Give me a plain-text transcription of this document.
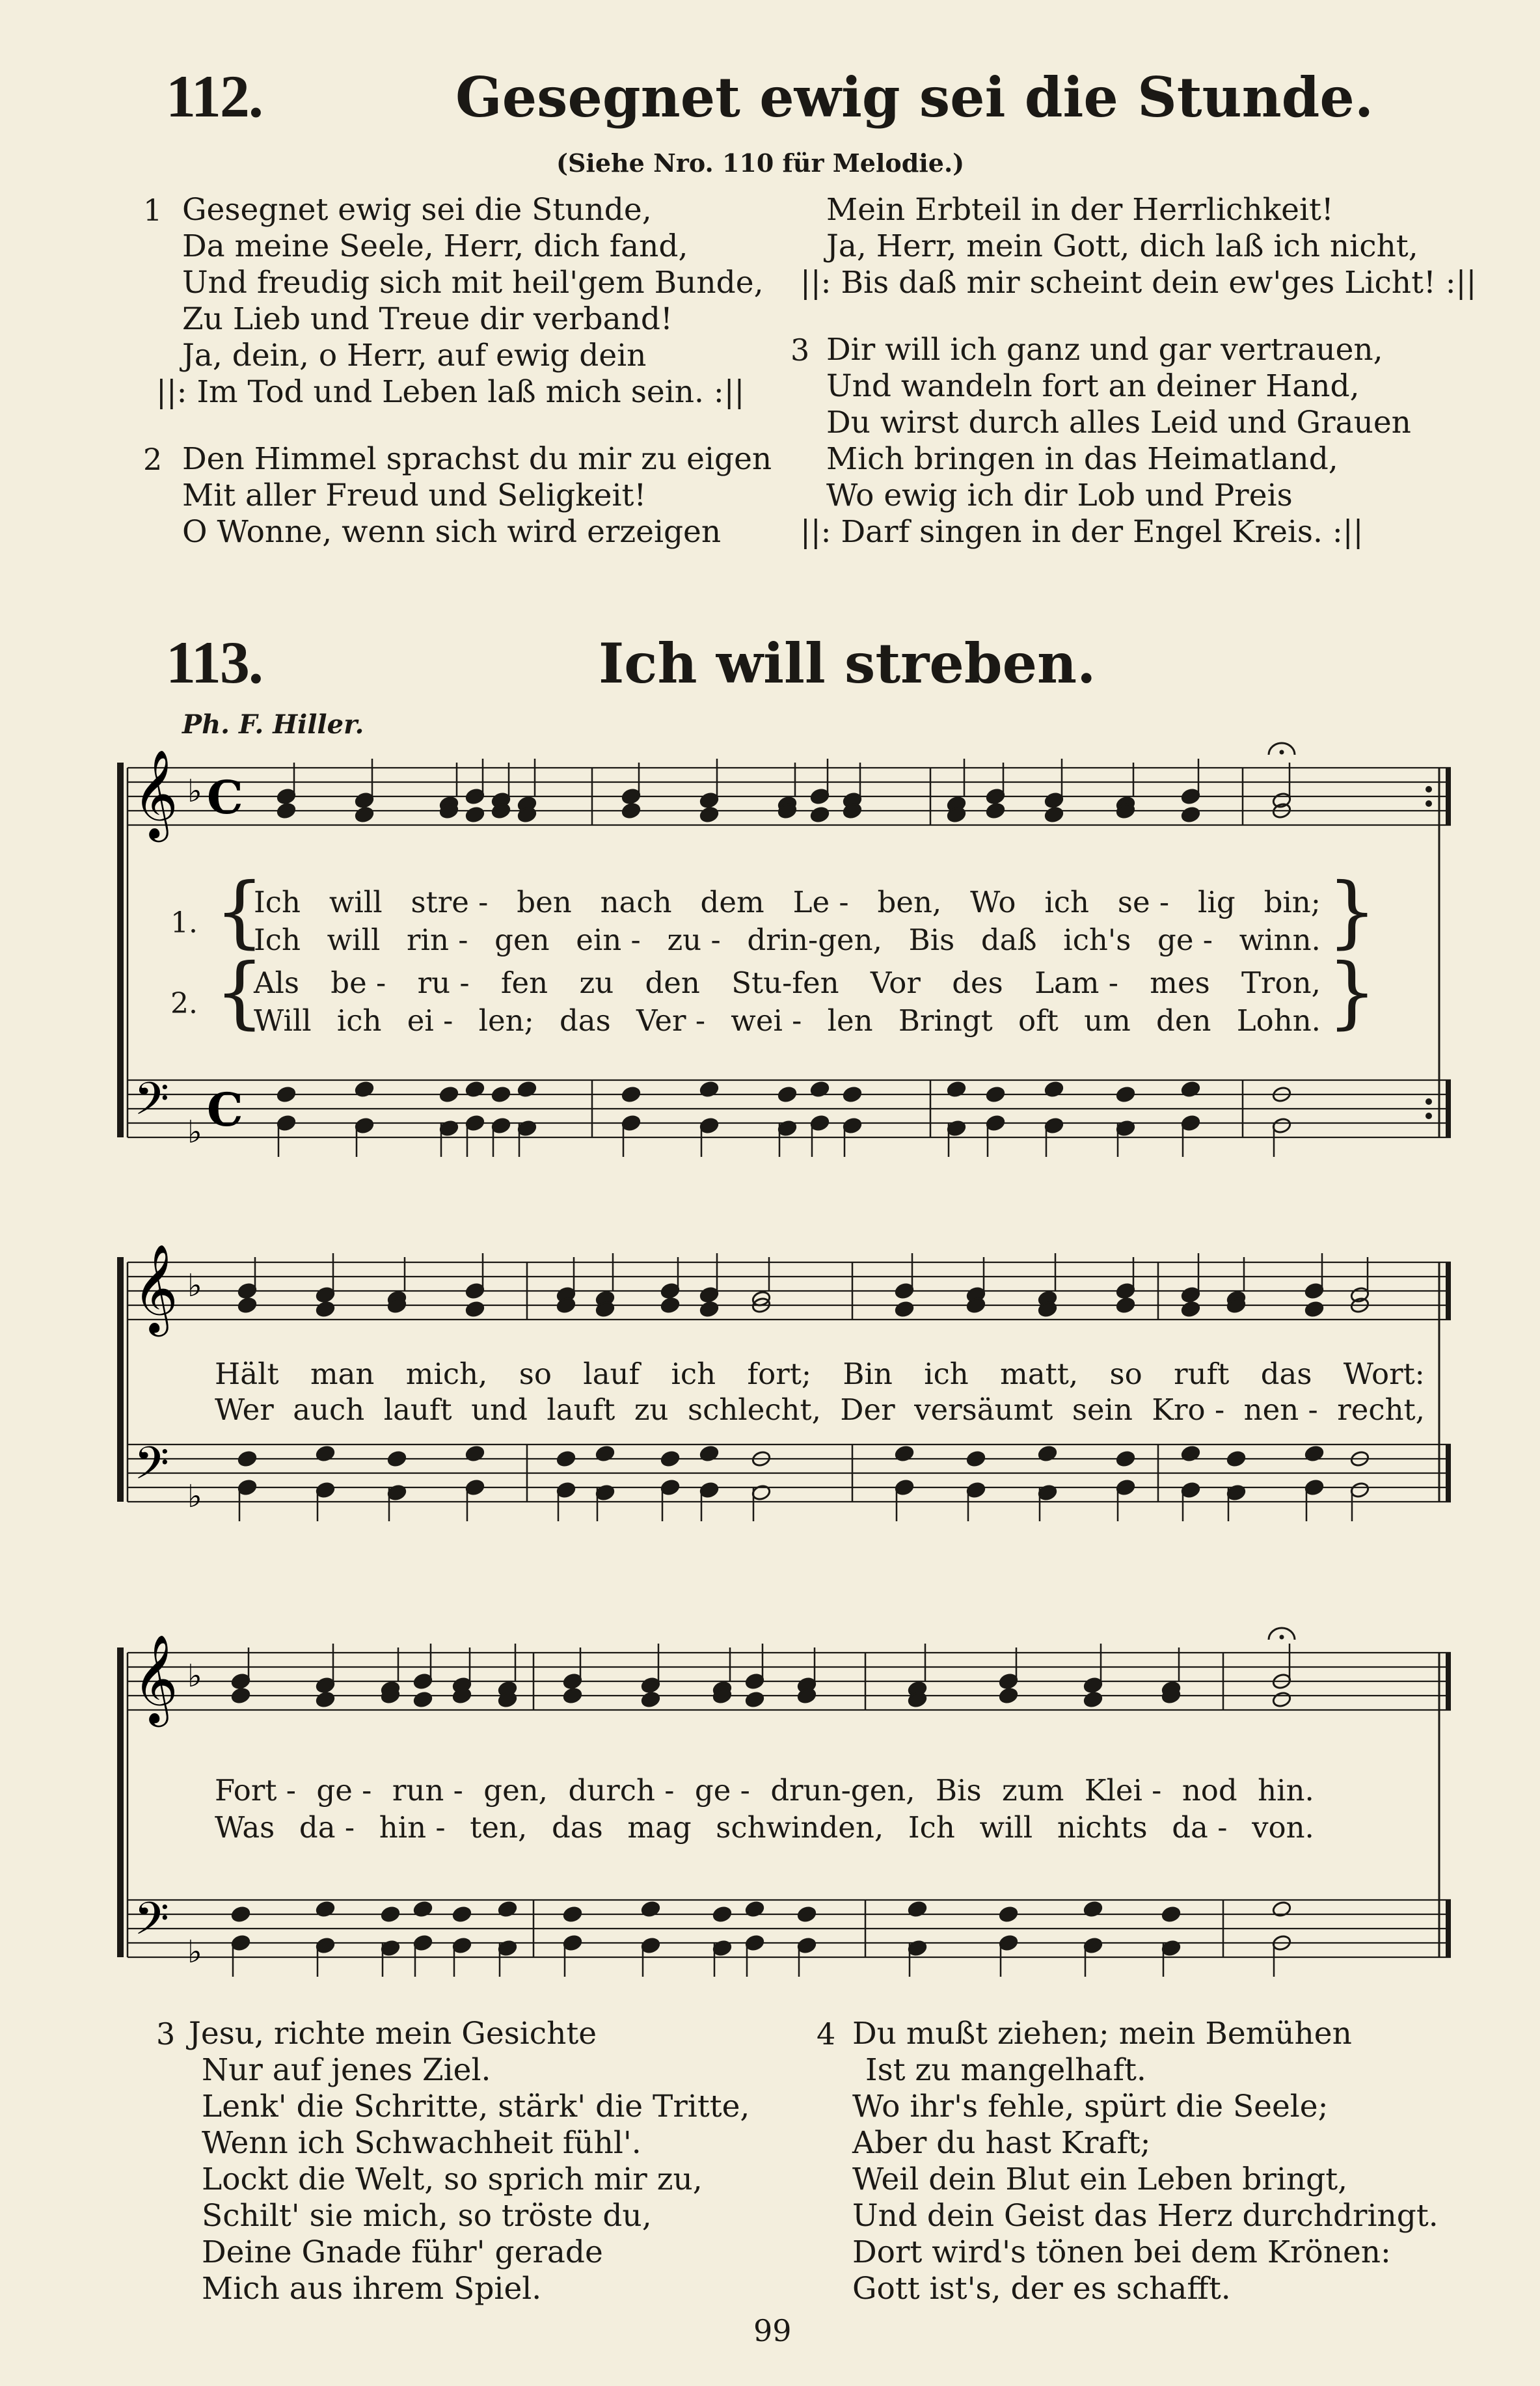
112.	Gesegnet ewig sei die Stunde.
(Siehe Nro. 110 für Melodie.)
1 Gesegnet ewig sei die Stunde,
Da meine Seele, Herr, dich fand,
Und freudig sich mit heil'gem Bunde,
Zu Lieb und Treue dir verband!
Ja, dein, o Herr, auf ewig dein
||: Im Tod und Leben laß mich sein. :||
2 Den Himmel sprachst du mir zu eigen
Mit aller Freud und Seligkeit!
O Wonne, wenn sich wird erzeigen
Mein Erbteil in der Herrlichkeit!
Ja, Herr, mein Gott, dich laß ich nicht,
||: Bis daß mir scheint dein ew'ges Licht! :||
3 Dir will ich ganz und gar vertrauen,
Und wandeln fort an deiner Hand,
Du wirst durch alles Leid und Grauen
Mich bringen in das Heimatland,
Wo ewig ich dir Lob und Preis
||: Darf singen in der Engel Kreis. :||
113.	Ich will streben.
Ph. F. Hiller.
𝄞
𝄢
♭
♭
C
C
𝄞
𝄢
♭
♭
𝄞
𝄢
♭
♭
1.
2.
{	}
{	}
Ich will stre - ben nach dem Le - ben, Wo ich se - lig bin;
Ich will rin - gen ein - zu - drin-gen, Bis daß ich's ge - winn.
Als be - ru - fen zu den Stu-fen Vor des Lam - mes Tron,
Will ich ei - len; das Ver - wei - len Bringt oft um den Lohn.
Hält man mich, so lauf ich fort; Bin ich matt, so ruft das Wort:
Wer auch lauft und lauft zu schlecht, Der versäumt sein Kro - nen - recht,
Fort - ge - run - gen, durch - ge - drun-gen, Bis zum Klei - nod hin.
Was da - hin - ten, das mag schwinden, Ich will nichts da - von.
3 Jesu, richte mein Gesichte
Nur auf jenes Ziel.
Lenk' die Schritte, stärk' die Tritte,
Wenn ich Schwachheit fühl'.
Lockt die Welt, so sprich mir zu,
Schilt' sie mich, so tröste du,
Deine Gnade führ' gerade
Mich aus ihrem Spiel.
4 Du mußt ziehen; mein Bemühen
Ist zu mangelhaft.
Wo ihr's fehle, spürt die Seele;
Aber du hast Kraft;
Weil dein Blut ein Leben bringt,
Und dein Geist das Herz durchdringt.
Dort wird's tönen bei dem Krönen:
Gott ist's, der es schafft.
99
